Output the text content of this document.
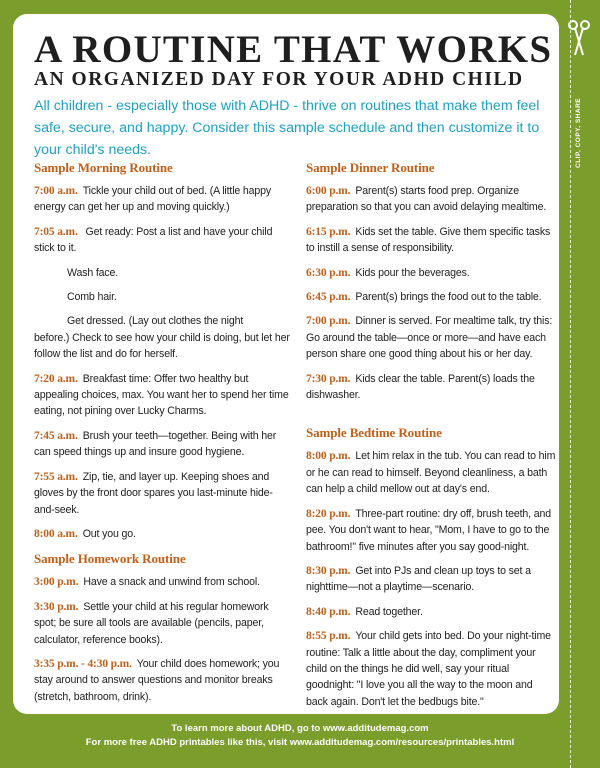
CLIP, COPY, SHARE
A ROUTINE THAT WORKS
AN ORGANIZED DAY FOR YOUR ADHD CHILD

All children - especially those with ADHD - thrive on routines that make them feel safe, secure, and happy. Consider this sample schedule and then customize it to your child's needs.

Sample Morning Routine

7:00 a.m. Tickle your child out of bed. (A little happy energy can get her up and moving quickly.)

7:05 a.m. Get ready: Post a list and have your child stick to it.

Wash face.

Comb hair.

Get dressed. (Lay out clothes the night

before.) Check to see how your child is doing, but let her follow the list and do for herself.

7:20 a.m. Breakfast time: Offer two healthy but appealing choices, max. You want her to spend her time eating, not pining over Lucky Charms.

7:45 a.m. Brush your teeth—together. Being with her can speed things up and insure good hygiene.

7:55 a.m. Zip, tie, and layer up. Keeping shoes and gloves by the front door spares you last-minute hide-and-seek.

8:00 a.m. Out you go.

Sample Homework Routine

3:00 p.m. Have a snack and unwind from school.

3:30 p.m. Settle your child at his regular homework spot; be sure all tools are available (pencils, paper, calculator, reference books).

3:35 p.m. - 4:30 p.m. Your child does homework; you stay around to answer questions and monitor breaks (stretch, bathroom, drink).

Sample Dinner Routine

6:00 p.m. Parent(s) starts food prep. Organize preparation so that you can avoid delaying mealtime.

6:15 p.m. Kids set the table. Give them specific tasks to instill a sense of responsibility.

6:30 p.m. Kids pour the beverages.

6:45 p.m. Parent(s) brings the food out to the table.

7:00 p.m. Dinner is served. For mealtime talk, try this: Go around the table—once or more—and have each person share one good thing about his or her day.

7:30 p.m. Kids clear the table. Parent(s) loads the dishwasher.

Sample Bedtime Routine

8:00 p.m. Let him relax in the tub. You can read to him or he can read to himself. Beyond cleanliness, a bath can help a child mellow out at day's end.

8:20 p.m. Three-part routine: dry off, brush teeth, and pee. You don't want to hear, "Mom, I have to go to the bathroom!" five minutes after you say good-night.

8:30 p.m. Get into PJs and clean up toys to set a nighttime—not a playtime—scenario.

8:40 p.m. Read together.

8:55 p.m. Your child gets into bed. Do your night-time routine: Talk a little about the day, compliment your child on the things he did well, say your ritual goodnight: "I love you all the way to the moon and back again. Don't let the bedbugs bite."

To learn more about ADHD, go to www.additudemag.com
For more free ADHD printables like this, visit www.additudemag.com/resources/printables.html
